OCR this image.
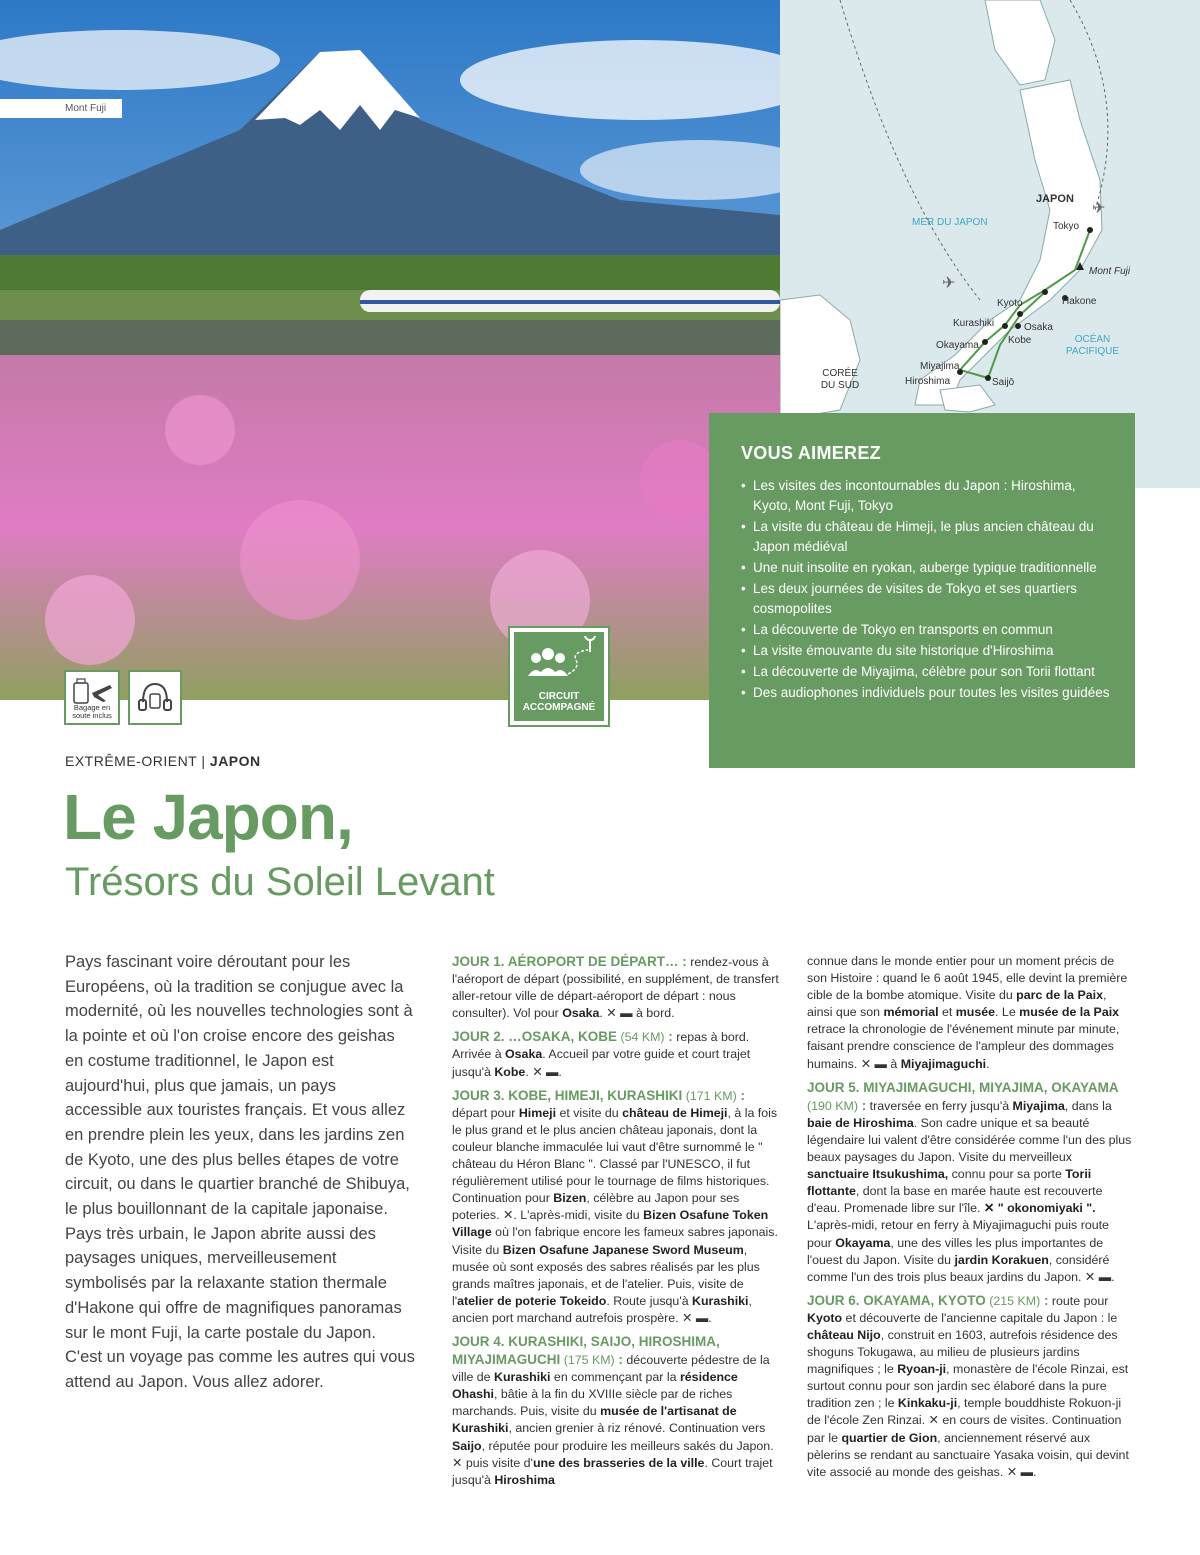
Mont Fuji
✈
✈
JAPON
MER DU JAPON
OCÉAN PACIFIQUE
CORÉE DU SUD
Tokyo
Mont Fuji
Hakone
Kyoto
Kurashiki	Osaka
Kobe
Okayama
Miyajima
Hiroshima	Saijō
VOUS AIMEREZ
• Les visites des incontournables du Japon : Hiroshima, Kyoto, Mont Fuji, Tokyo
• La visite du château de Himeji, le plus ancien château du Japon médiéval
• Une nuit insolite en ryokan, auberge typique traditionnelle
• Les deux journées de visites de Tokyo et ses quartiers cosmopolites
• La découverte de Tokyo en transports en commun
• La visite émouvante du site historique d'Hiroshima
• La découverte de Miyajima, célèbre pour son Torii flottant
• Des audiophones individuels pour toutes les visites guidées
CIRCUIT
ACCOMPAGNÉ
Bagage en
soute inclus
EXTRÊME-ORIENT | JAPON
Le Japon,
Trésors du Soleil Levant
Pays fascinant voire déroutant pour les Européens, où la tradition se conjugue avec la modernité, où les nouvelles technologies sont à la pointe et où l'on croise encore des geishas en costume traditionnel, le Japon est aujourd'hui, plus que jamais, un pays accessible aux touristes français. Et vous allez en prendre plein les yeux, dans les jardins zen de Kyoto, une des plus belles étapes de votre circuit, ou dans le quartier branché de Shibuya, le plus bouillonnant de la capitale japonaise. Pays très urbain, le Japon abrite aussi des paysages uniques, merveilleusement symbolisés par la relaxante station thermale d'Hakone qui offre de magnifiques panoramas sur le mont Fuji, la carte postale du Japon. C'est un voyage pas comme les autres qui vous attend au Japon. Vous allez adorer.

JOUR 1. AÉROPORT DE DÉPART… : rendez-vous à l'aéroport de départ (possibilité, en supplément, de transfert aller-retour ville de départ-aéroport de départ : nous consulter). Vol pour Osaka. ✕ ▬ à bord.

JOUR 2. …OSAKA, KOBE (54 KM) : repas à bord. Arrivée à Osaka. Accueil par votre guide et court trajet jusqu'à Kobe. ✕ ▬.

JOUR 3. KOBE, HIMEJI, KURASHIKI (171 KM) : départ pour Himeji et visite du château de Himeji, à la fois le plus grand et le plus ancien château japonais, dont la couleur blanche immaculée lui vaut d'être surnommé le " château du Héron Blanc ". Classé par l'UNESCO, il fut régulièrement utilisé pour le tournage de films historiques. Continuation pour Bizen, célèbre au Japon pour ses poteries. ✕. L'après-midi, visite du Bizen Osafune Token Village où l'on fabrique encore les fameux sabres japonais. Visite du Bizen Osafune Japanese Sword Museum, musée où sont exposés des sabres réalisés par les plus grands maîtres japonais, et de l'atelier. Puis, visite de l'atelier de poterie Tokeido. Route jusqu'à Kurashiki, ancien port marchand autrefois prospère. ✕ ▬.

JOUR 4. KURASHIKI, SAIJO, HIROSHIMA, MIYAJIMAGUCHI (175 KM) : découverte pédestre de la ville de Kurashiki en commençant par la résidence Ohashi, bâtie à la fin du XVIIIe siècle par de riches marchands. Puis, visite du musée de l'artisanat de Kurashiki, ancien grenier à riz rénové. Continuation vers Saijo, réputée pour produire les meilleurs sakés du Japon. ✕ puis visite d'une des brasseries de la ville. Court trajet jusqu'à Hiroshima

connue dans le monde entier pour un moment précis de son Histoire : quand le 6 août 1945, elle devint la première cible de la bombe atomique. Visite du parc de la Paix, ainsi que son mémorial et musée. Le musée de la Paix retrace la chronologie de l'événement minute par minute, faisant prendre conscience de l'ampleur des dommages humains. ✕ ▬ à Miyajimaguchi.

JOUR 5. MIYAJIMAGUCHI, MIYAJIMA, OKAYAMA (190 KM) : traversée en ferry jusqu'à Miyajima, dans la baie de Hiroshima. Son cadre unique et sa beauté légendaire lui valent d'être considérée comme l'un des plus beaux paysages du Japon. Visite du merveilleux sanctuaire Itsukushima, connu pour sa porte Torii flottante, dont la base en marée haute est recouverte d'eau. Promenade libre sur l'île. ✕ " okonomiyaki ". L'après-midi, retour en ferry à Miyajimaguchi puis route pour Okayama, une des villes les plus importantes de l'ouest du Japon. Visite du jardin Korakuen, considéré comme l'un des trois plus beaux jardins du Japon. ✕ ▬.

JOUR 6. OKAYAMA, KYOTO (215 KM) : route pour Kyoto et découverte de l'ancienne capitale du Japon : le château Nijo, construit en 1603, autrefois résidence des shoguns Tokugawa, au milieu de plusieurs jardins magnifiques ; le Ryoan-ji, monastère de l'école Rinzai, est surtout connu pour son jardin sec élaboré dans la pure tradition zen ; le Kinkaku-ji, temple bouddhiste Rokuon-ji de l'école Zen Rinzai. ✕ en cours de visites. Continuation par le quartier de Gion, anciennement réservé aux pèlerins se rendant au sanctuaire Yasaka voisin, qui devint vite associé au monde des geishas. ✕ ▬.
